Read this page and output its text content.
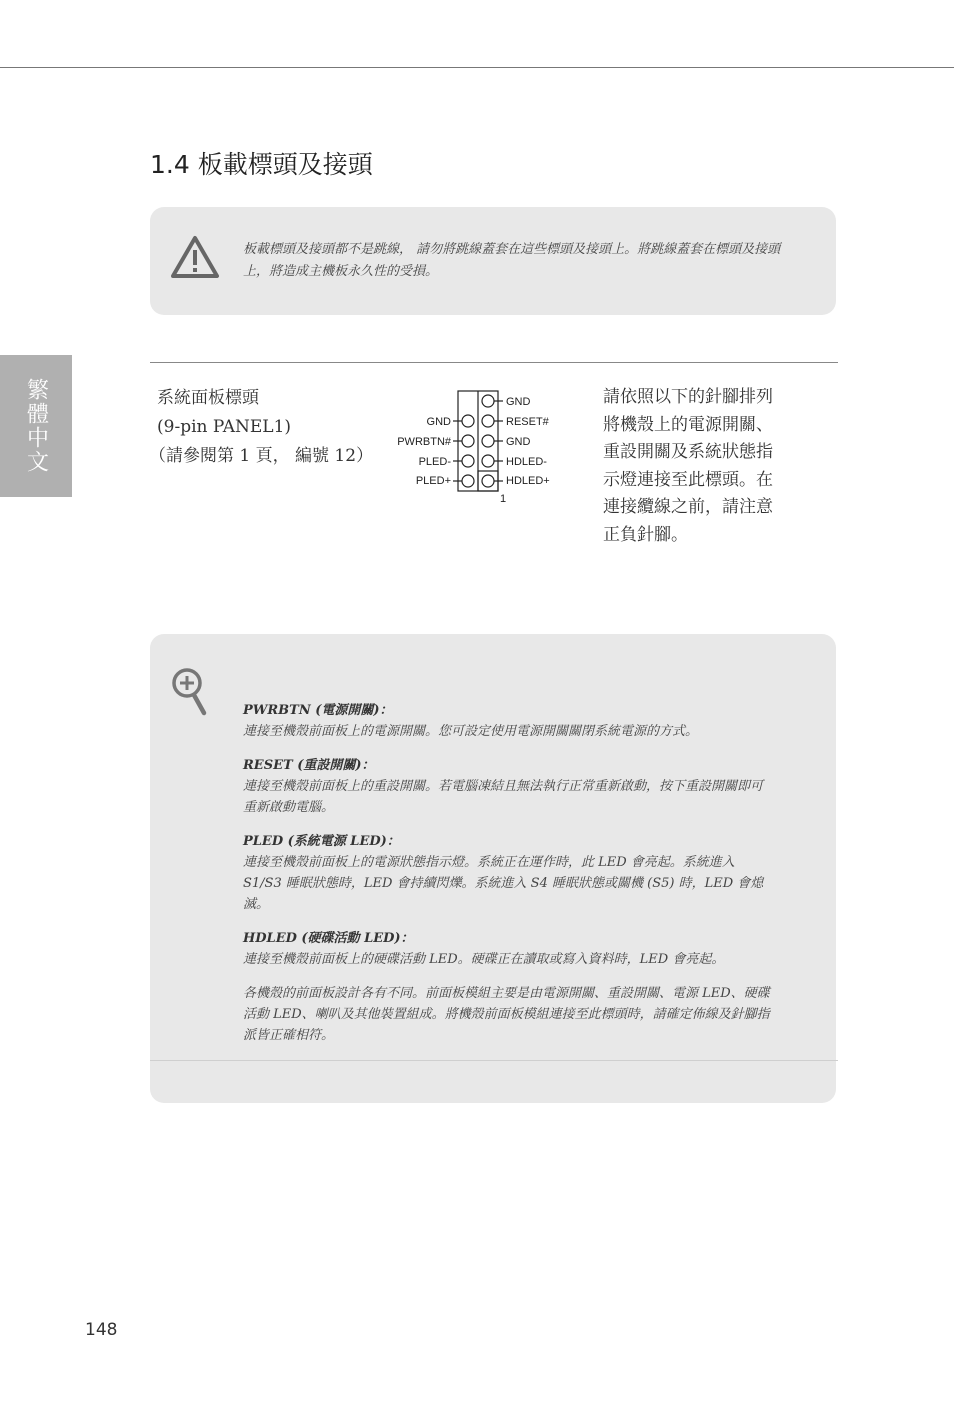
繁體中文
1.4 板載標頭及接頭
板載標頭及接頭都不是跳線， 請勿將跳線蓋套在這些標頭及接頭上。將跳線蓋套在標頭及接頭上，將造成主機板永久性的受損。
系統面板標頭
(9-pin PANEL1)
（請參閱第 1 頁， 編號 12）
GND
RESET#
GND
HDLED-
HDLED+
GND
PWRBTN#
PLED-
PLED+
1
請依照以下的針腳排列將機殼上的電源開關、重設開關及系統狀態指示燈連接至此標頭。在連接纜線之前，請注意正負針腳。

PWRBTN (電源開關)：

連接至機殼前面板上的電源開關。您可設定使用電源開關關閉系統電源的方式。

RESET (重設開關)：

連接至機殼前面板上的重設開關。若電腦凍結且無法執行正常重新啟動，按下重設開關即可重新啟動電腦。

PLED (系統電源 LED)：

連接至機殼前面板上的電源狀態指示燈。系統正在運作時，此 LED 會亮起。系統進入 S1/S3 睡眠狀態時，LED 會持續閃爍。系統進入 S4 睡眠狀態或關機 (S5) 時，LED 會熄滅。

HDLED (硬碟活動 LED)：

連接至機殼前面板上的硬碟活動 LED。硬碟正在讀取或寫入資料時，LED 會亮起。

各機殼的前面板設計各有不同。前面板模組主要是由電源開關、重設開關、電源 LED、硬碟活動 LED、喇叭及其他裝置組成。將機殼前面板模組連接至此標頭時，請確定佈線及針腳指派皆正確相符。

148
